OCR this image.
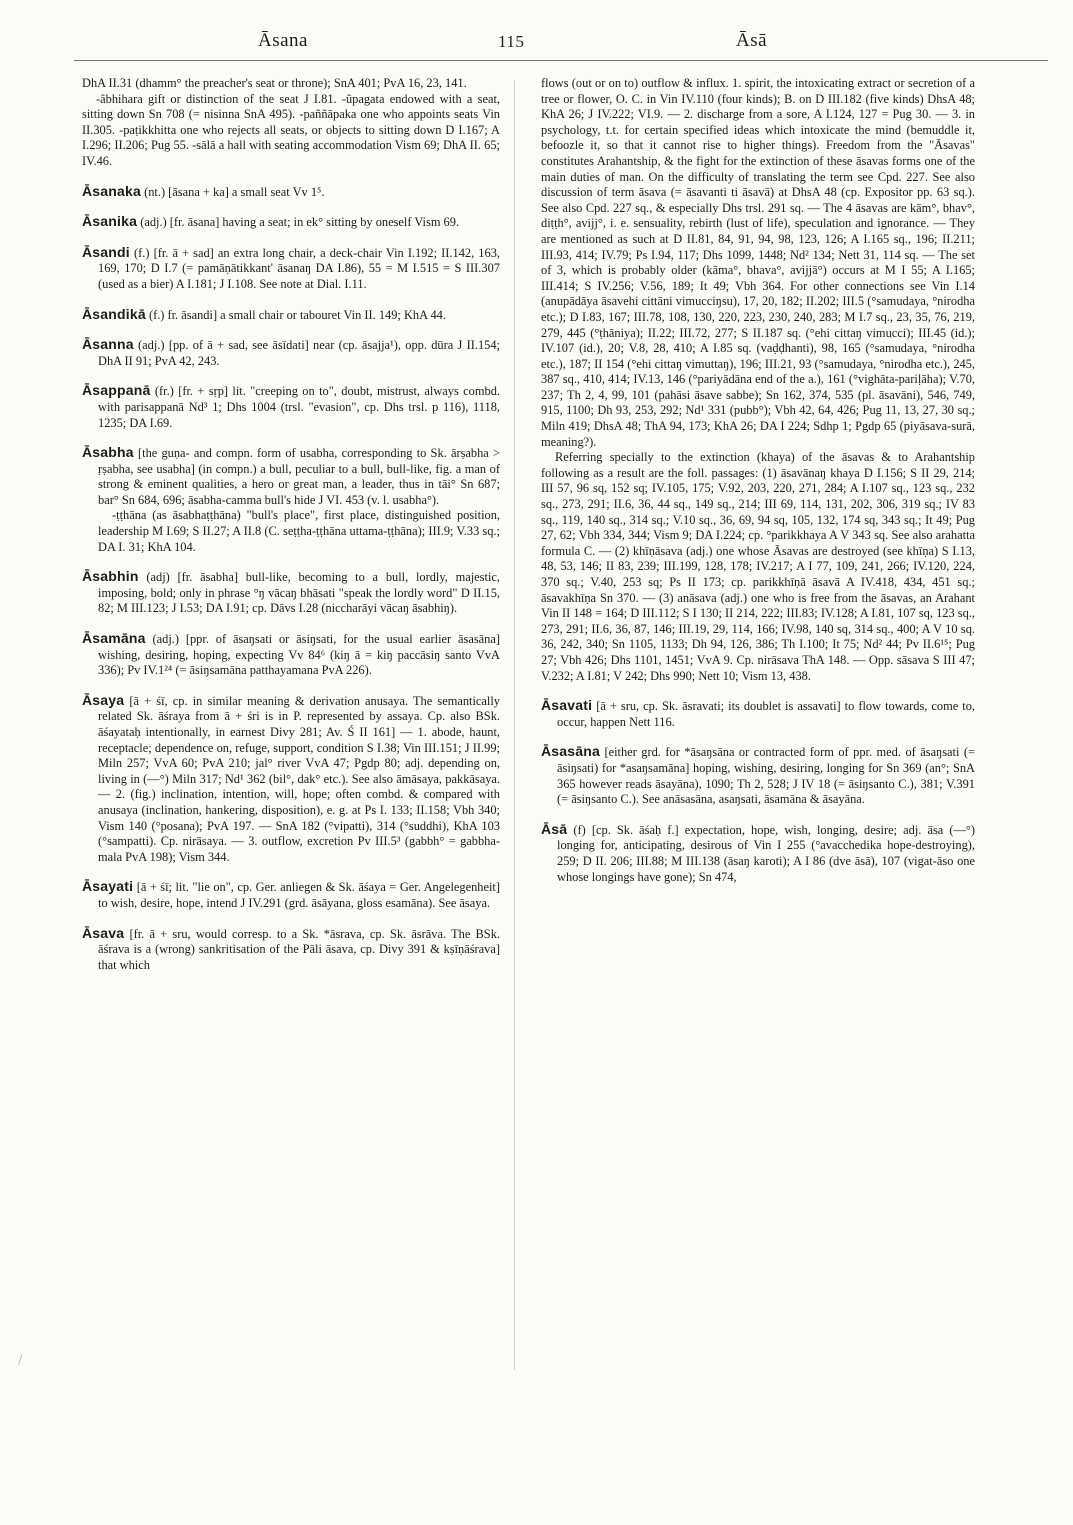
Āsana	115	Āsā
/

DhA II.31 (dhamm° the preacher's seat or throne); SnA 401; PvA 16, 23, 141.

-âbhihara gift or distinction of the seat J I.81. -ûpagata endowed with a seat, sitting down Sn 708 (= nisinna SnA 495). -paññāpaka one who appoints seats Vin II.305. -paṭikkhitta one who rejects all seats, or objects to sitting down D I.167; A I.296; II.206; Pug 55. -sālā a hall with seating accommodation Vism 69; DhA II. 65; IV.46.

Āsanaka (nt.) [āsana + ka] a small seat Vv 1⁵.
Āsanika (adj.) [fr. āsana] having a seat; in ek° sitting by oneself Vism 69.
Āsandi (f.) [fr. ā + sad] an extra long chair, a deck-chair Vin I.192; II.142, 163, 169, 170; D I.7 (= pamāṇātikkant' āsanaŋ DA I.86), 55 = M I.515 = S III.307 (used as a bier) A I.181; J I.108. See note at Dial. I.11.
Āsandikā (f.) fr. āsandi] a small chair or tabouret Vin II. 149; KhA 44.
Āsanna (adj.) [pp. of ā + sad, see āsīdati] near (cp. āsajja¹), opp. dūra J II.154; DhA II 91; PvA 42, 243.
Āsappanā (fr.) [fr. + sṛp] lit. "creeping on to", doubt, mistrust, always combd. with parisappanā Nd³ 1; Dhs 1004 (trsl. "evasion", cp. Dhs trsl. p 116), 1118, 1235; DA I.69.
Āsabha [the guṇa- and compn. form of usabha, corresponding to Sk. ārṣabha > ṛṣabha, see usabha] (in compn.) a bull, peculiar to a bull, bull-like, fig. a man of strong & eminent qualities, a hero or great man, a leader, thus in tāi° Sn 687; bar° Sn 684, 696; āsabha-camma bull's hide J VI. 453 (v. l. usabha°).
-ṭṭhāna (as āsabhaṭṭhāna) "bull's place", first place, distinguished position, leadership M I.69; S II.27; A II.8 (C. seṭṭha-ṭṭhāna uttama-ṭṭhāna); III.9; V.33 sq.; DA I. 31; KhA 104.
Āsabhin (adj) [fr. āsabha] bull-like, becoming to a bull, lordly, majestic, imposing, bold; only in phrase °ŋ vācaŋ bhāsati "speak the lordly word" D II.15, 82; M III.123; J I.53; DA I.91; cp. Dāvs I.28 (niccharāyi vācaŋ āsabhiŋ).
Āsamāna (adj.) [ppr. of āsaŋsati or āsiŋsati, for the usual earlier āsasāna] wishing, desiring, hoping, expecting Vv 84⁶ (kiŋ ā = kiŋ paccāsiŋ santo VvA 336); Pv IV.1²⁴ (= āsiŋsamāna patthayamana PvA 226).
Āsaya [ā + śī, cp. in similar meaning & derivation anusaya. The semantically related Sk. āśraya from ā + śri is in P. represented by assaya. Cp. also BSk. āśayataḥ intentionally, in earnest Divy 281; Av. Ś II 161] — 1. abode, haunt, receptacle; dependence on, refuge, support, condition S I.38; Vin III.151; J II.99; Miln 257; VvA 60; PvA 210; jal° river VvA 47; Pgdp 80; adj. depending on, living in (—°) Miln 317; Nd¹ 362 (bil°, dak° etc.). See also āmāsaya, pakkāsaya. — 2. (fig.) inclination, intention, will, hope; often combd. & compared with anusaya (inclination, hankering, disposition), e. g. at Ps I. 133; II.158; Vbh 340; Vism 140 (°posana); PvA 197. — SnA 182 (°vipatti), 314 (°suddhi), KhA 103 (°sampatti). Cp. nirāsaya. — 3. outflow, excretion Pv III.5³ (gabbh° = gabbha-mala PvA 198); Vism 344.
Āsayati [ā + śī; lit. "lie on", cp. Ger. anliegen & Sk. āśaya = Ger. Angelegenheit] to wish, desire, hope, intend J IV.291 (grd. āsāyana, gloss esamāna). See āsaya.
Āsava [fr. ā + sru, would corresp. to a Sk. *āsrava, cp. Sk. āsrāva. The BSk. āśrava is a (wrong) sankritisation of the Pāli āsava, cp. Divy 391 & kṣīṇāśrava] that which

flows (out or on to) outflow & influx. 1. spirit, the intoxicating extract or secretion of a tree or flower, O. C. in Vin IV.110 (four kinds); B. on D III.182 (five kinds) DhsA 48; KhA 26; J IV.222; VI.9. — 2. discharge from a sore, A I.124, 127 = Pug 30. — 3. in psychology, t.t. for certain specified ideas which intoxicate the mind (bemuddle it, befoozle it, so that it cannot rise to higher things). Freedom from the "Āsavas" constitutes Arahantship, & the fight for the extinction of these āsavas forms one of the main duties of man. On the difficulty of translating the term see Cpd. 227. See also discussion of term āsava (= āsavanti ti āsavā) at DhsA 48 (cp. Expositor pp. 63 sq.). See also Cpd. 227 sq., & especially Dhs trsl. 291 sq. — The 4 āsavas are kām°, bhav°, diṭṭh°, avijj°, i. e. sensuality, rebirth (lust of life), speculation and ignorance. — They are mentioned as such at D II.81, 84, 91, 94, 98, 123, 126; A I.165 sq., 196; II.211; III.93, 414; IV.79; Ps I.94, 117; Dhs 1099, 1448; Nd² 134; Nett 31, 114 sq. — The set of 3, which is probably older (kāma°, bhava°, avijjā°) occurs at M I 55; A I.165; III.414; S IV.256; V.56, 189; It 49; Vbh 364. For other connections see Vin I.14 (anupādāya āsavehi cittāni vimucciŋsu), 17, 20, 182; II.202; III.5 (°samudaya, °nirodha etc.); D I.83, 167; III.78, 108, 130, 220, 223, 230, 240, 283; M I.7 sq., 23, 35, 76, 219, 279, 445 (°ṭhāniya); II.22; III.72, 277; S II.187 sq. (°ehi cittaŋ vimucci); III.45 (id.); IV.107 (id.), 20; V.8, 28, 410; A I.85 sq. (vaḍḍhanti), 98, 165 (°samudaya, °nirodha etc.), 187; II 154 (°ehi cittaŋ vimuttaŋ), 196; III.21, 93 (°samudaya, °nirodha etc.), 245, 387 sq., 410, 414; IV.13, 146 (°pariyādāna end of the a.), 161 (°vighāta-pariḷāha); V.70, 237; Th 2, 4, 99, 101 (pahāsi āsave sabbe); Sn 162, 374, 535 (pl. āsavāni), 546, 749, 915, 1100; Dh 93, 253, 292; Nd¹ 331 (pubb°); Vbh 42, 64, 426; Pug 11, 13, 27, 30 sq.; Miln 419; DhsA 48; ThA 94, 173; KhA 26; DA I 224; Sdhp 1; Pgdp 65 (piyāsava-surā, meaning?).

Referring specially to the extinction (khaya) of the āsavas & to Arahantship following as a result are the foll. passages: (1) āsavānaŋ khaya D I.156; S II 29, 214; III 57, 96 sq, 152 sq; IV.105, 175; V.92, 203, 220, 271, 284; A I.107 sq., 123 sq., 232 sq., 273, 291; II.6, 36, 44 sq., 149 sq., 214; III 69, 114, 131, 202, 306, 319 sq.; IV 83 sq., 119, 140 sq., 314 sq.; V.10 sq., 36, 69, 94 sq, 105, 132, 174 sq, 343 sq.; It 49; Pug 27, 62; Vbh 334, 344; Vism 9; DA I.224; cp. °parikkhaya A V 343 sq. See also arahatta formula C. — (2) khīṇāsava (adj.) one whose Āsavas are destroyed (see khīṇa) S I.13, 48, 53, 146; II 83, 239; III.199, 128, 178; IV.217; A I 77, 109, 241, 266; IV.120, 224, 370 sq.; V.40, 253 sq; Ps II 173; cp. parikkhīṇā āsavā A IV.418, 434, 451 sq.; āsavakhīṇa Sn 370. — (3) anāsava (adj.) one who is free from the āsavas, an Arahant Vin II 148 = 164; D III.112; S I 130; II 214, 222; III.83; IV.128; A I.81, 107 sq, 123 sq., 273, 291; II.6, 36, 87, 146; III.19, 29, 114, 166; IV.98, 140 sq, 314 sq., 400; A V 10 sq. 36, 242, 340; Sn 1105, 1133; Dh 94, 126, 386; Th I.100; It 75; Nd² 44; Pv II.6¹⁵; Pug 27; Vbh 426; Dhs 1101, 1451; VvA 9. Cp. nirāsava ThA 148. — Opp. sāsava S III 47; V.232; A I.81; V 242; Dhs 990; Nett 10; Vism 13, 438.

Āsavati [ā + sru, cp. Sk. āsravati; its doublet is assavati] to flow towards, come to, occur, happen Nett 116.
Āsasāna [either grd. for *āsaŋsāna or contracted form of ppr. med. of āsaŋsati (= āsiŋsati) for *asaŋsamāna] hoping, wishing, desiring, longing for Sn 369 (an°; SnA 365 however reads āsayāna), 1090; Th 2, 528; J IV 18 (= āsiŋsanto C.), 381; V.391 (= āsiŋsanto C.). See anāsasāna, asaŋsati, āsamāna & āsayāna.
Āsā (f) [cp. Sk. āśaḥ f.] expectation, hope, wish, longing, desire; adj. āsa (—°) longing for, anticipating, desirous of Vin I 255 (°avacchedika hope-destroying), 259; D II. 206; III.88; M III.138 (āsaŋ karoti); A I 86 (dve āsā), 107 (vigat-āso one whose longings have gone); Sn 474,
